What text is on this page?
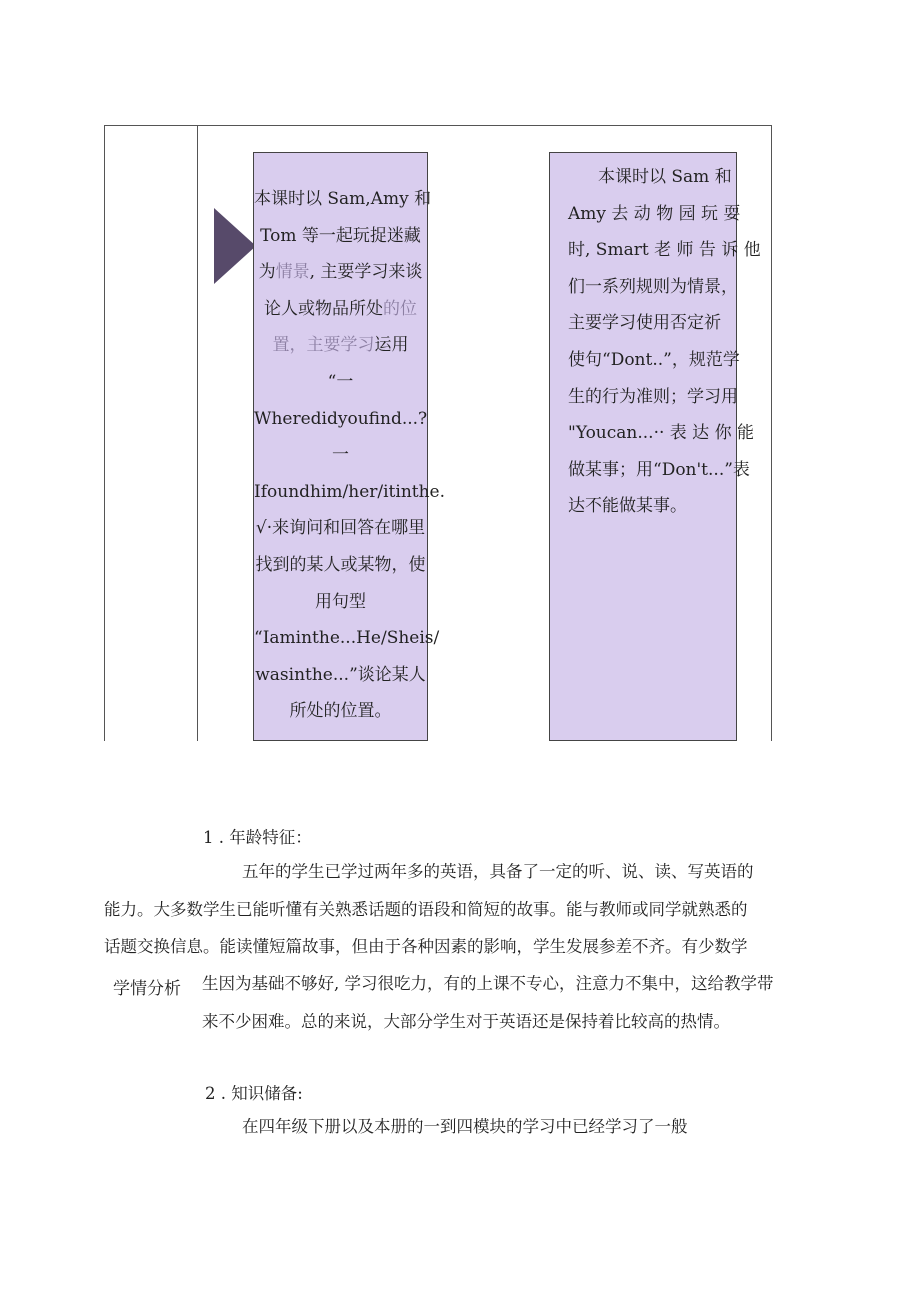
本课时以 Sam,Amy 和

Tom 等一起玩捉迷藏

为情景, 主要学习来谈

论人或物品所处的位

置，主要学习运用

“一

Wheredidyoufind...?

一

Ifoundhim/her/itinthe.

√·来询问和回答在哪里

找到的某人或某物，使

用句型

“Iaminthe...He∕Sheis/

wasinthe...”谈论某人

所处的位置。

本课时以 Sam 和

Amy 去 动 物 园 玩 耍

时, Smart 老 师 告 诉 他

们一系列规则为情景，

主要学习使用否定祈

使句“Dont..”，规范学

生的行为准则；学习用

"Youcan...·· 表 达 你 能

做某事；用“Don't...”表

达不能做某事。

学情分析
1 . 年龄特征：
五年的学生已学过两年多的英语，具备了一定的听、说、读、写英语的
能力。大多数学生已能听懂有关熟悉话题的语段和简短的故事。能与教师或同学就熟悉的
话题交换信息。能读懂短篇故事，但由于各种因素的影响，学生发展参差不齐。有少数学
生因为基础不够好, 学习很吃力，有的上课不专心，注意力不集中，这给教学带
来不少困难。总的来说，大部分学生对于英语还是保持着比较高的热情。
2 . 知识储备:
在四年级下册以及本册的一到四模块的学习中已经学习了一般
